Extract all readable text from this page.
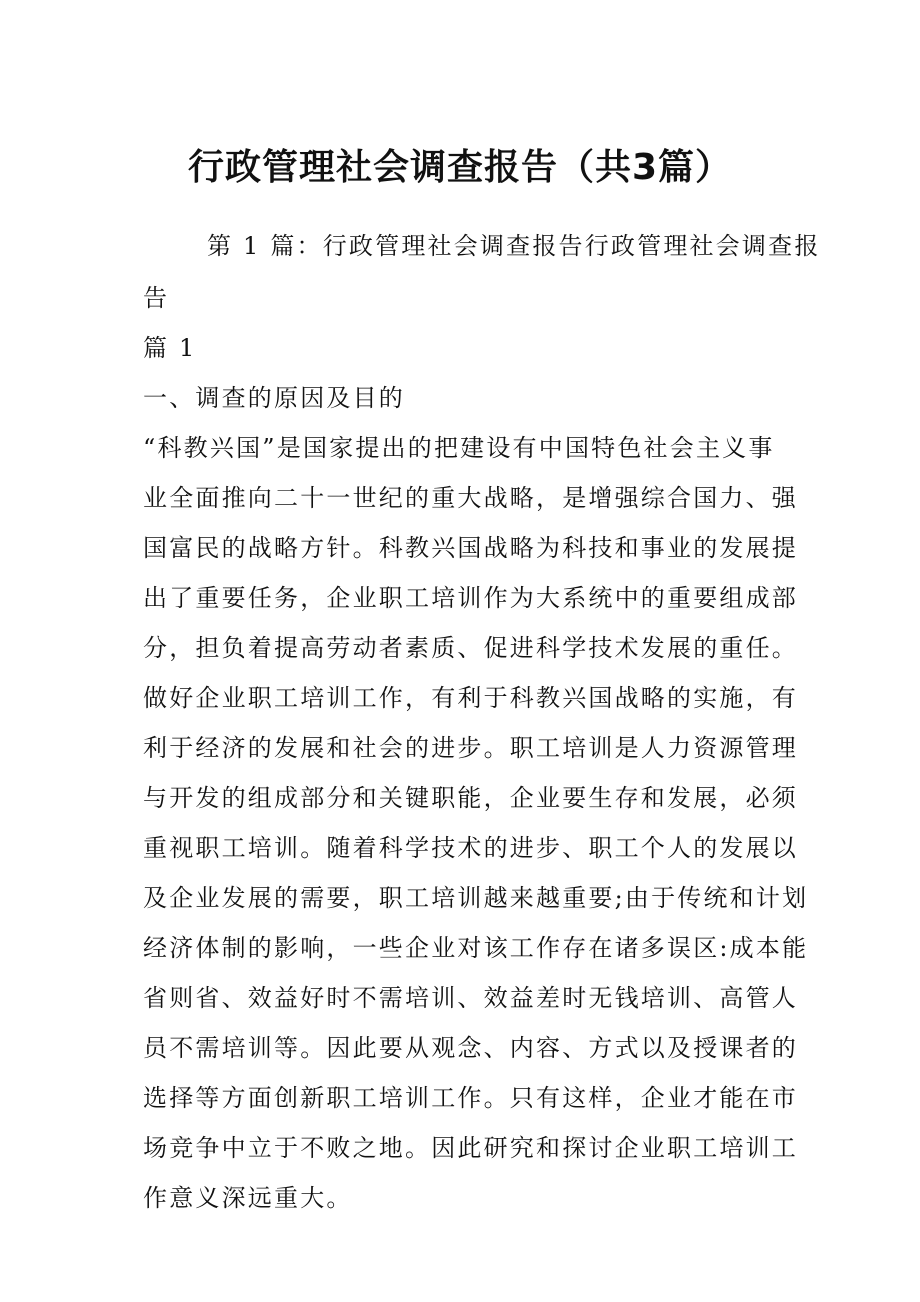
行政管理社会调查报告（共3篇）
第 1 篇：行政管理社会调查报告行政管理社会调查报
告
篇 1
一、调查的原因及目的
“科教兴国”是国家提出的把建设有中国特色社会主义事
业全面推向二十一世纪的重大战略，是增强综合国力、强
国富民的战略方针。科教兴国战略为科技和事业的发展提
出了重要任务，企业职工培训作为大系统中的重要组成部
分，担负着提高劳动者素质、促进科学技术发展的重任。
做好企业职工培训工作，有利于科教兴国战略的实施，有
利于经济的发展和社会的进步。职工培训是人力资源管理
与开发的组成部分和关键职能，企业要生存和发展，必须
重视职工培训。随着科学技术的进步、职工个人的发展以
及企业发展的需要，职工培训越来越重要;由于传统和计划
经济体制的影响，一些企业对该工作存在诸多误区:成本能
省则省、效益好时不需培训、效益差时无钱培训、高管人
员不需培训等。因此要从观念、内容、方式以及授课者的
选择等方面创新职工培训工作。只有这样，企业才能在市
场竞争中立于不败之地。因此研究和探讨企业职工培训工
作意义深远重大。
